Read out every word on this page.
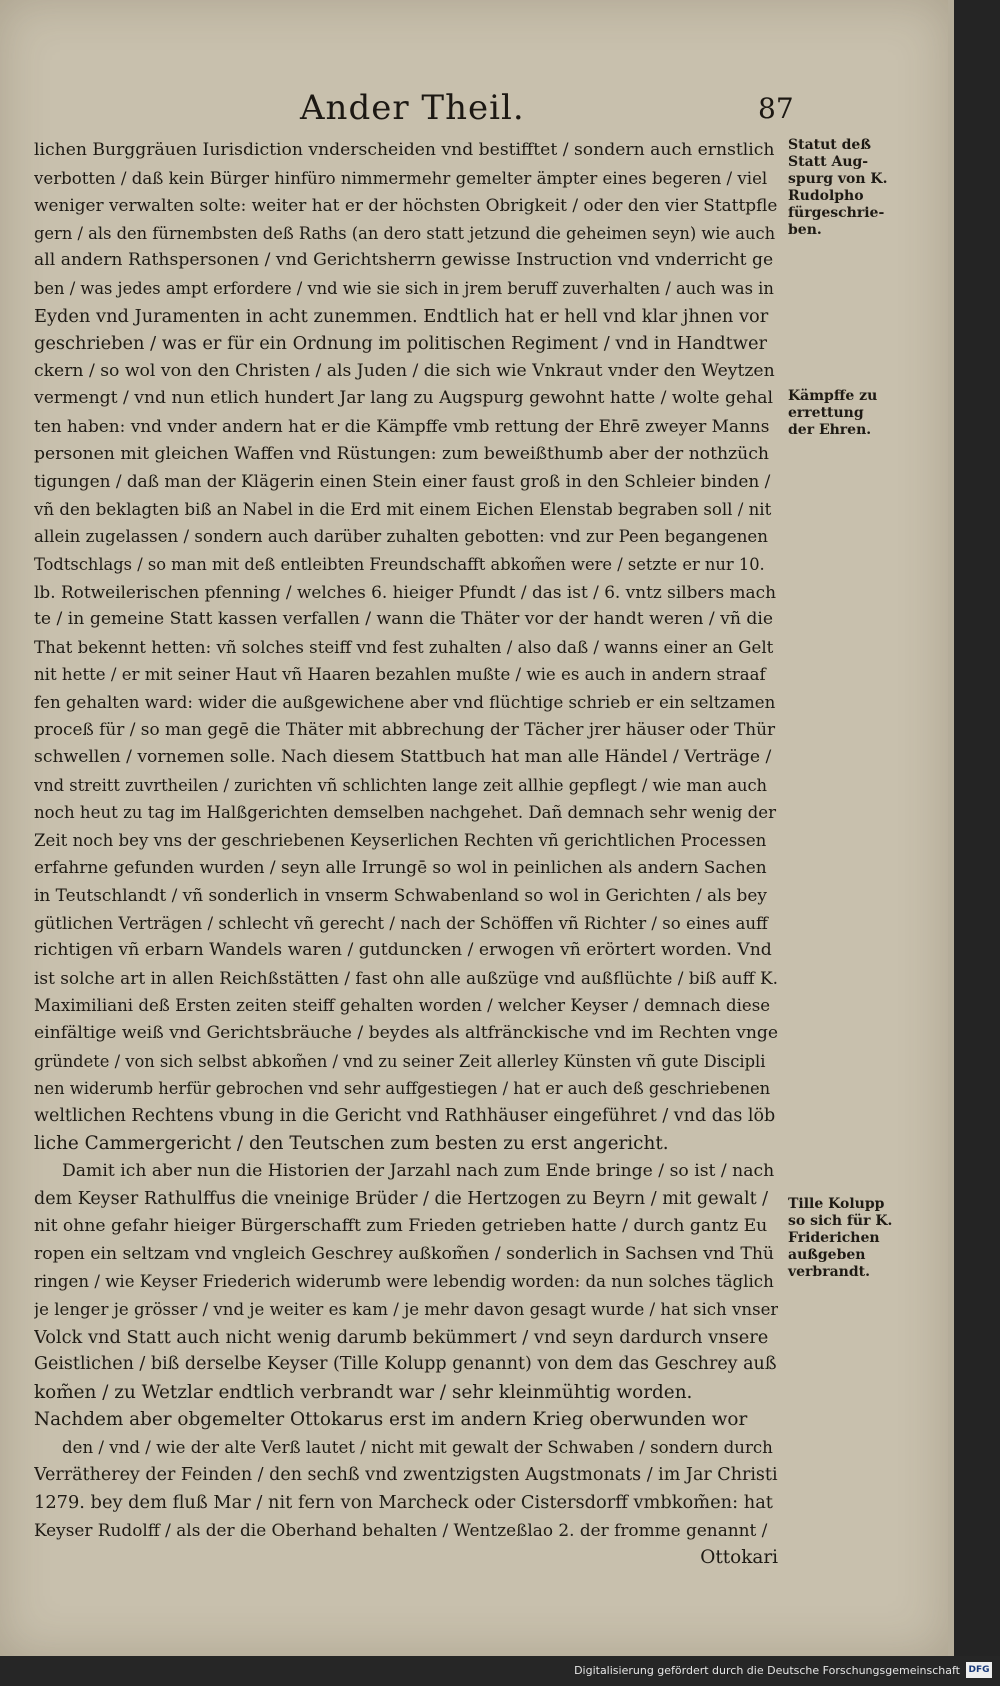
Ander Theil.	87
lichen Burggräuen Iurisdiction vnderscheiden vnd bestifftet / sondern auch ernstlich
verbotten / daß kein Bürger hinfüro nimmermehr gemelter ämpter eines begeren / viel
weniger verwalten solte: weiter hat er der höchsten Obrigkeit / oder den vier Stattpfle
gern / als den fürnembsten deß Raths (an dero statt jetzund die geheimen seyn) wie auch
all andern Rathspersonen / vnd Gerichtsherrn gewisse Instruction vnd vnderricht ge
ben / was jedes ampt erfordere / vnd wie sie sich in jrem beruff zuverhalten / auch was in
Eyden vnd Juramenten in acht zunemmen. Endtlich hat er hell vnd klar jhnen vor
geschrieben / was er für ein Ordnung im politischen Regiment / vnd in Handtwer
ckern / so wol von den Christen / als Juden / die sich wie Vnkraut vnder den Weytzen
vermengt / vnd nun etlich hundert Jar lang zu Augspurg gewohnt hatte / wolte gehal
ten haben: vnd vnder andern hat er die Kämpffe vmb rettung der Ehrē zweyer Manns
personen mit gleichen Waffen vnd Rüstungen: zum beweißthumb aber der nothzüch
tigungen / daß man der Klägerin einen Stein einer faust groß in den Schleier binden /
vñ den beklagten biß an Nabel in die Erd mit einem Eichen Elenstab begraben soll / nit
allein zugelassen / sondern auch darüber zuhalten gebotten: vnd zur Peen begangenen
Todtschlags / so man mit deß entleibten Freundschafft abkom̃en were / setzte er nur 10.
lb. Rotweilerischen pfenning / welches 6. hieiger Pfundt / das ist / 6. vntz silbers mach
te / in gemeine Statt kassen verfallen / wann die Thäter vor der handt weren / vñ die
That bekennt hetten: vñ solches steiff vnd fest zuhalten / also daß / wanns einer an Gelt
nit hette / er mit seiner Haut vñ Haaren bezahlen mußte / wie es auch in andern straaf
fen gehalten ward: wider die außgewichene aber vnd flüchtige schrieb er ein seltzamen
proceß für / so man gegē die Thäter mit abbrechung der Tächer jrer häuser oder Thür
schwellen / vornemen solle. Nach diesem Stattbuch hat man alle Händel / Verträge /
vnd streitt zuvrtheilen / zurichten vñ schlichten lange zeit allhie gepflegt / wie man auch
noch heut zu tag im Halßgerichten demselben nachgehet. Dañ demnach sehr wenig der
Zeit noch bey vns der geschriebenen Keyserlichen Rechten vñ gerichtlichen Processen
erfahrne gefunden wurden / seyn alle Irrungē so wol in peinlichen als andern Sachen
in Teutschlandt / vñ sonderlich in vnserm Schwabenland so wol in Gerichten / als bey
gütlichen Verträgen / schlecht vñ gerecht / nach der Schöffen vñ Richter / so eines auff
richtigen vñ erbarn Wandels waren / gutduncken / erwogen vñ erörtert worden. Vnd
ist solche art in allen Reichßstätten / fast ohn alle außzüge vnd außflüchte / biß auff K.
Maximiliani deß Ersten zeiten steiff gehalten worden / welcher Keyser / demnach diese
einfältige weiß vnd Gerichtsbräuche / beydes als altfränckische vnd im Rechten vnge
gründete / von sich selbst abkom̃en / vnd zu seiner Zeit allerley Künsten vñ gute Discipli
nen widerumb herfür gebrochen vnd sehr auffgestiegen / hat er auch deß geschriebenen
weltlichen Rechtens vbung in die Gericht vnd Rathhäuser eingeführet / vnd das löb
liche Cammergericht / den Teutschen zum besten zu erst angericht.
Damit ich aber nun die Historien der Jarzahl nach zum Ende bringe / so ist / nach
dem Keyser Rathulffus die vneinige Brüder / die Hertzogen zu Beyrn / mit gewalt /
nit ohne gefahr hieiger Bürgerschafft zum Frieden getrieben hatte / durch gantz Eu
ropen ein seltzam vnd vngleich Geschrey außkom̃en / sonderlich in Sachsen vnd Thü
ringen / wie Keyser Friederich widerumb were lebendig worden: da nun solches täglich
je lenger je grösser / vnd je weiter es kam / je mehr davon gesagt wurde / hat sich vnser
Volck vnd Statt auch nicht wenig darumb bekümmert / vnd seyn dardurch vnsere
Geistlichen / biß derselbe Keyser (Tille Kolupp genannt) von dem das Geschrey auß
kom̃en / zu Wetzlar endtlich verbrandt war / sehr kleinmühtig worden.
Nachdem aber obgemelter Ottokarus erst im andern Krieg oberwunden wor
den / vnd / wie der alte Verß lautet / nicht mit gewalt der Schwaben / sondern durch
Verrätherey der Feinden / den sechß vnd zwentzigsten Augstmonats / im Jar Christi
1279. bey dem fluß Mar / nit fern von Marcheck oder Cistersdorff vmbkom̃en: hat
Keyser Rudolff / als der die Oberhand behalten / Wentzeßlao 2. der fromme genannt /
Ottokari
Statut deß
Statt Aug-
spurg von K.
Rudolpho
fürgeschrie-
ben.
Kämpffe zu
errettung
der Ehren.
Tille Kolupp
so sich für K.
Friderichen
außgeben
verbrandt.
Digitalisierung gefördert durch die Deutsche Forschungsgemeinschaft DFG
